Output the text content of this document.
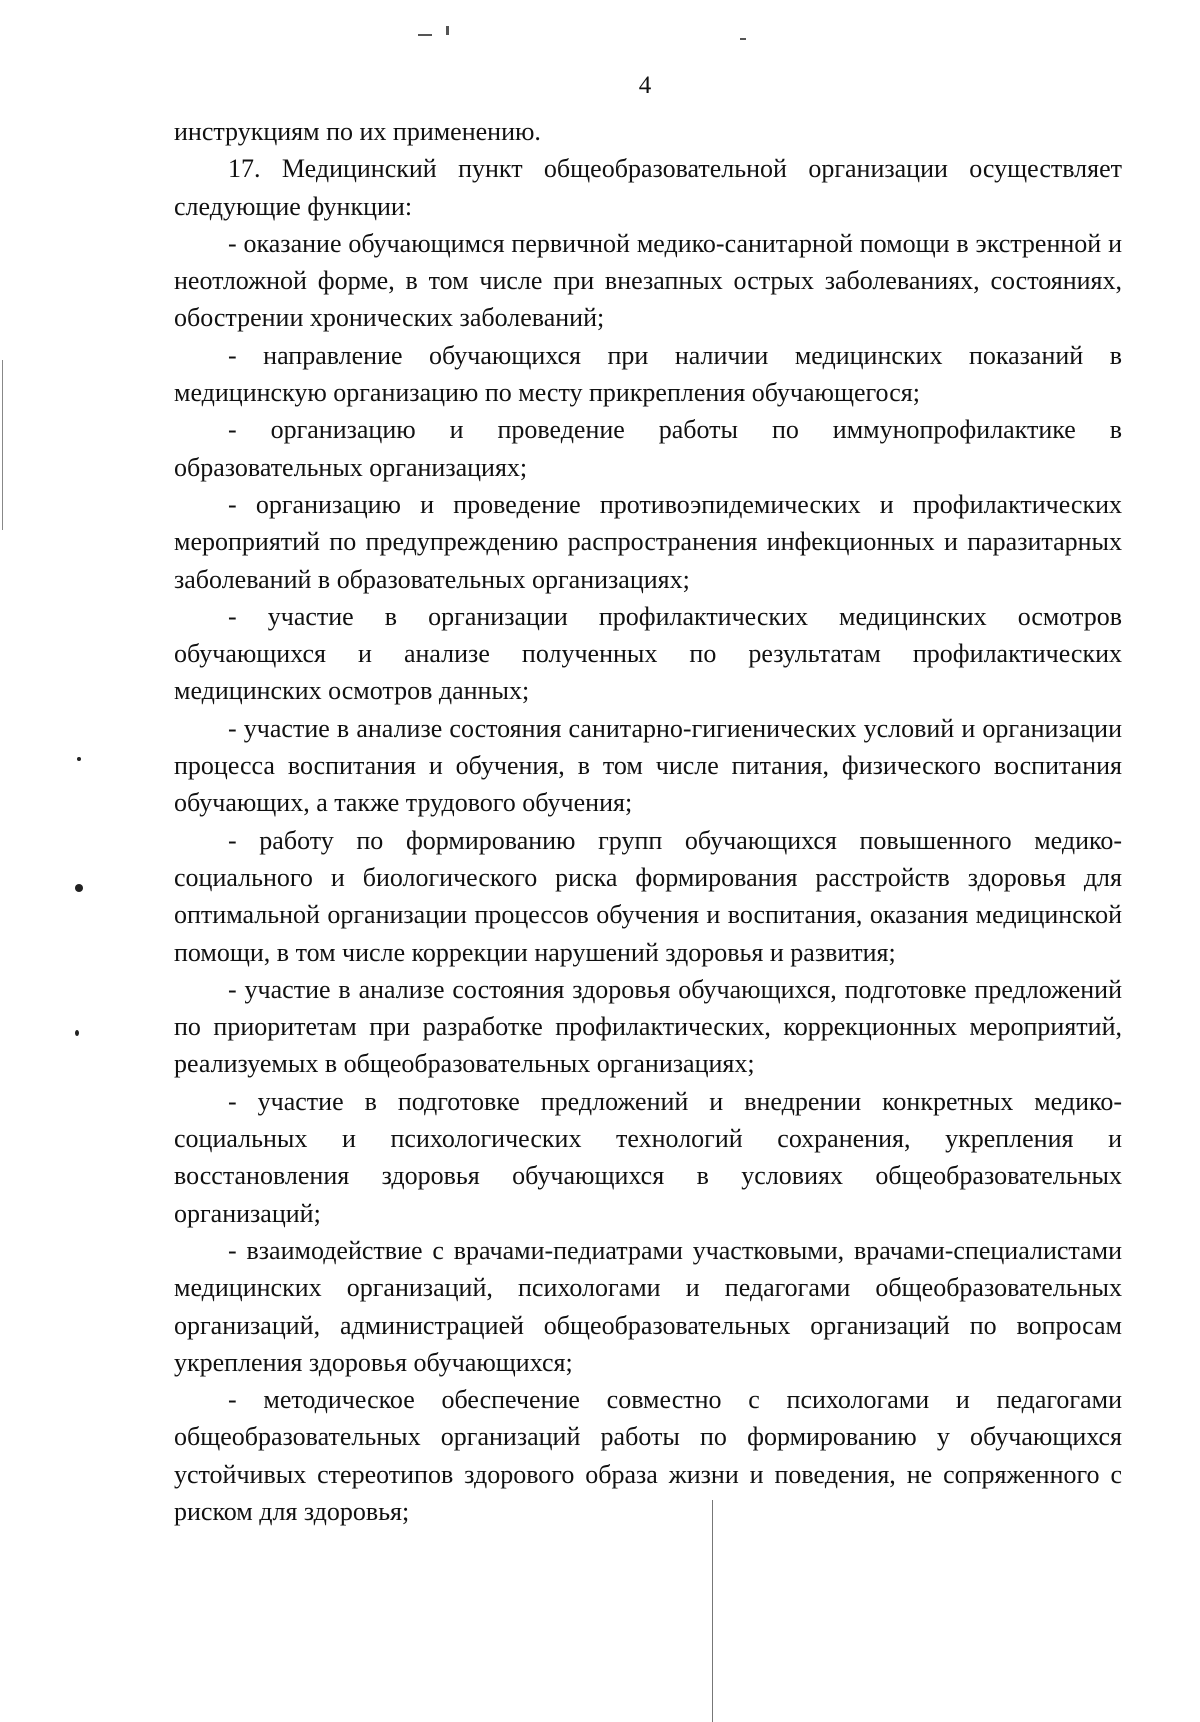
4

инструкциям по их применению.

17. Медицинский пункт общеобразовательной организации осуществляет следующие функции:

- оказание обучающимся первичной медико-санитарной помощи в экстренной и неотложной форме, в том числе при внезапных острых заболеваниях, состояниях, обострении хронических заболеваний;

- направление обучающихся при наличии медицинских показаний в медицинскую организацию по месту прикрепления обучающегося;

- организацию и проведение работы по иммунопрофилактике в образовательных организациях;

- организацию и проведение противоэпидемических и профилактических мероприятий по предупреждению распространения инфекционных и паразитарных заболеваний в образовательных организациях;

- участие в организации профилактических медицинских осмотров обучающихся и анализе полученных по результатам профилактических медицинских осмотров данных;

- участие в анализе состояния санитарно-гигиенических условий и организации процесса воспитания и обучения, в том числе питания, физического воспитания обучающих, а также трудового обучения;

- работу по формированию групп обучающихся повышенного медико-социального и биологического риска формирования расстройств здоровья для оптимальной организации процессов обучения и воспитания, оказания медицинской помощи, в том числе коррекции нарушений здоровья и развития;

- участие в анализе состояния здоровья обучающихся, подготовке предложений по приоритетам при разработке профилактических, коррекционных мероприятий, реализуемых в общеобразовательных организациях;

- участие в подготовке предложений и внедрении конкретных медико-социальных и психологических технологий сохранения, укрепления и восстановления здоровья обучающихся в условиях общеобразовательных организаций;

- взаимодействие с врачами-педиатрами участковыми, врачами-специалистами медицинских организаций, психологами и педагогами общеобразовательных организаций, администрацией общеобразовательных организаций по вопросам укрепления здоровья обучающихся;

- методическое обеспечение совместно с психологами и педагогами общеобразовательных организаций работы по формированию у обучающихся устойчивых стереотипов здорового образа жизни и поведения, не сопряженного с риском для здоровья;
